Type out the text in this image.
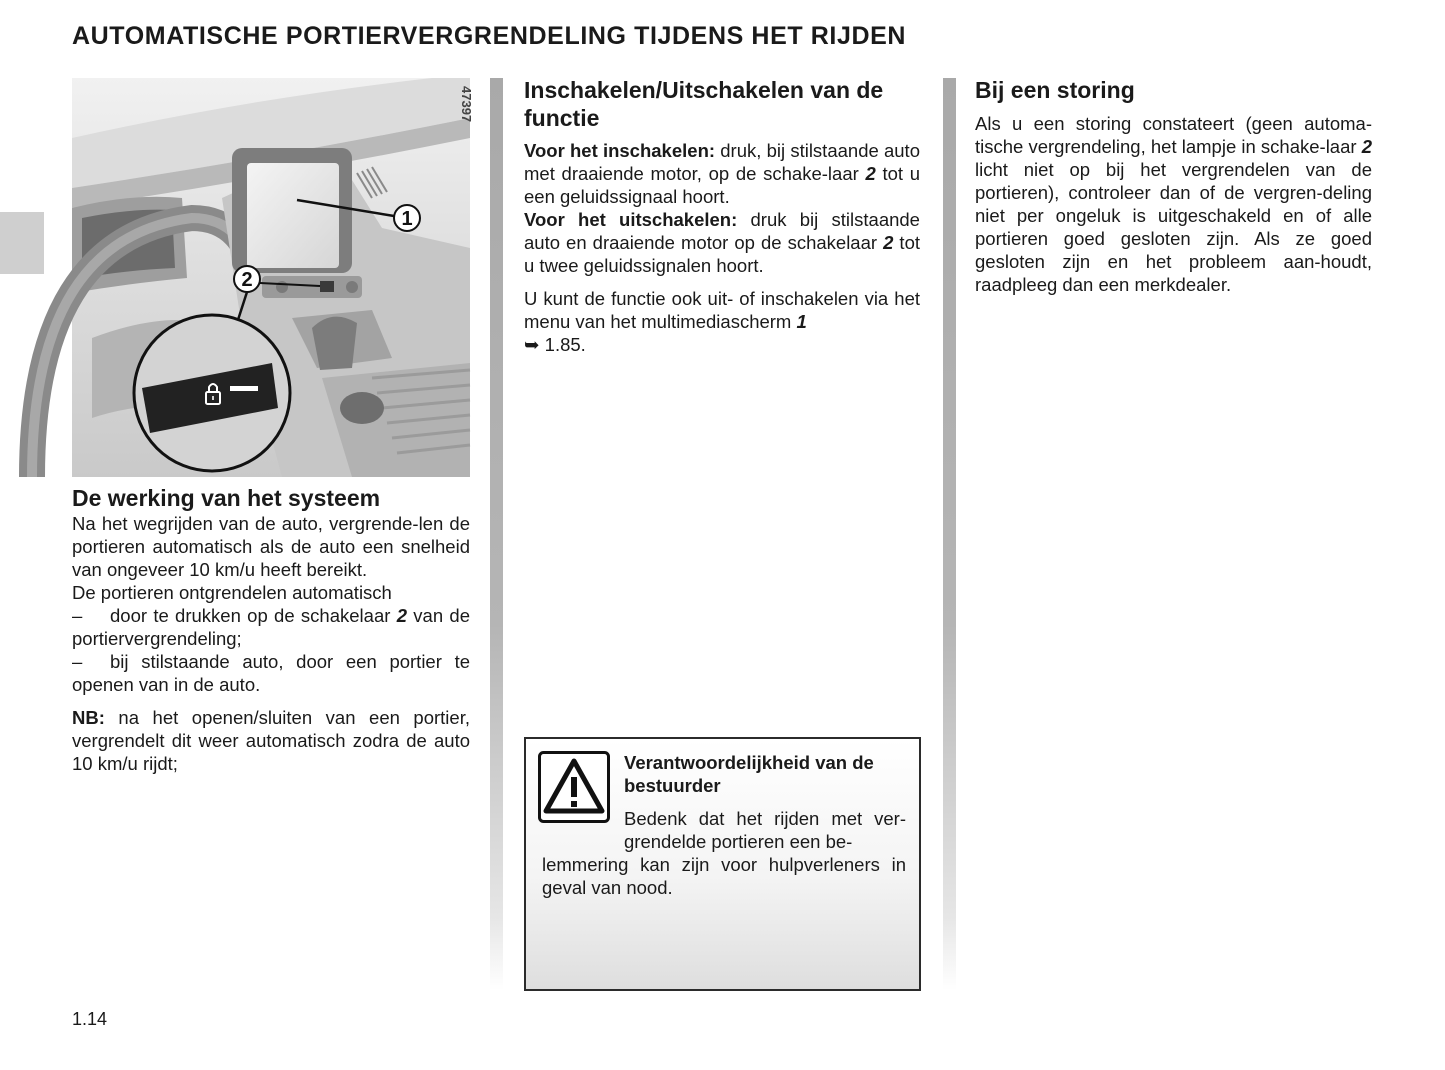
AUTOMATISCHE PORTIERVERGRENDELING TIJDENS HET RIJDEN
1
2
47397
De werking van het systeem

Na het wegrijden van de auto, vergrende-len de portieren automatisch als de auto een snelheid van ongeveer 10 km/u heeft bereikt.

De portieren ontgrendelen automatisch

– door te drukken op de schakelaar 2 van de portiervergrendeling;

– bij stilstaande auto, door een portier te openen van in de auto.

NB: na het openen/sluiten van een portier, vergrendelt dit weer automatisch zodra de auto 10 km/u rijdt;

Inschakelen/Uitschakelen van de functie

Voor het inschakelen: druk, bij stilstaande auto met draaiende motor, op de schake-laar 2 tot u een geluidssignaal hoort.

Voor het uitschakelen: druk bij stilstaande auto en draaiende motor op de schakelaar 2 tot u twee geluidssignalen hoort.

U kunt de functie ook uit- of inschakelen via het menu van het multimediascherm 1
➥ 1.85.

Verantwoordelijkheid van de bestuurder
Bedenk dat het rijden met ver-grendelde portieren een be-
lemmering kan zijn voor hulpverleners in geval van nood.
Bij een storing

Als u een storing constateert (geen automa-tische vergrendeling, het lampje in schake-laar 2 licht niet op bij het vergrendelen van de portieren), controleer dan of de vergren-deling niet per ongeluk is uitgeschakeld en of alle portieren goed gesloten zijn. Als ze goed gesloten zijn en het probleem aan-houdt, raadpleeg dan een merkdealer.

1.14
